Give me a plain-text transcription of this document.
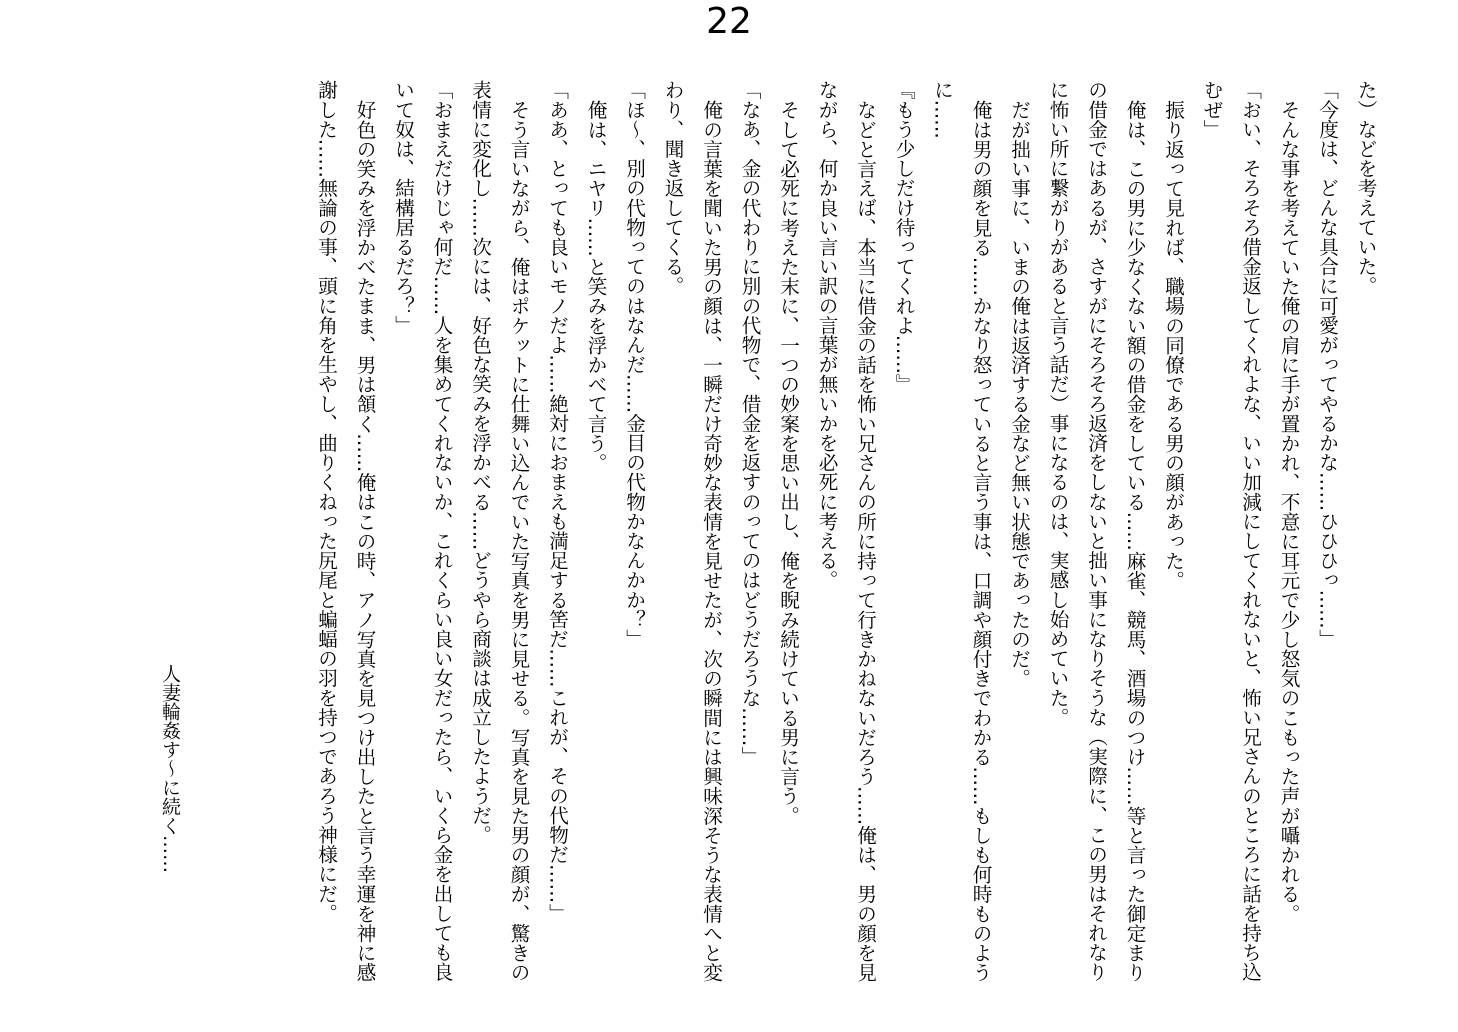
22
た）などを考えていた。
「今度は、どんな具合に可愛がってやるかな……ひひひっ……」
そんな事を考えていた俺の肩に手が置かれ、不意に耳元で少し怒気のこもった声が囁かれる。
「おい、そろそろ借金返してくれよな、いい加減にしてくれないと、怖い兄さんのところに話を持ち込
むぜ」
振り返って見れば、職場の同僚である男の顔があった。
俺は、この男に少なくない額の借金をしている……麻雀、競馬、酒場のつけ……等と言った御定まり
の借金ではあるが、さすがにそろそろ返済をしないと拙い事になりそうな（実際に、この男はそれなり
に怖い所に繋がりがあると言う話だ）事になるのは、実感し始めていた。
だが拙い事に、いまの俺は返済する金など無い状態であったのだ。
俺は男の顔を見る……かなり怒っていると言う事は、口調や顔付きでわかる……もしも何時ものよう
に……
『もう少しだけ待ってくれよ……』
などと言えば、本当に借金の話を怖い兄さんの所に持って行きかねないだろう……俺は、男の顔を見
ながら、何か良い言い訳の言葉が無いかを必死に考える。
そして必死に考えた末に、一つの妙案を思い出し、俺を睨み続けている男に言う。
「なあ、金の代わりに別の代物で、借金を返すのってのはどうだろうな……」
俺の言葉を聞いた男の顔は、一瞬だけ奇妙な表情を見せたが、次の瞬間には興味深そうな表情へと変
わり、聞き返してくる。
「ほ～、別の代物ってのはなんだ……金目の代物かなんかか？」
俺は、ニヤリ……と笑みを浮かべて言う。
「ああ、とっても良いモノだよ……絶対におまえも満足する筈だ……これが、その代物だ……」
そう言いながら、俺はポケットに仕舞い込んでいた写真を男に見せる。写真を見た男の顔が、驚きの
表情に変化し……次には、好色な笑みを浮かべる……どうやら商談は成立したようだ。
「おまえだけじゃ何だ……人を集めてくれないか、これくらい良い女だったら、いくら金を出しても良
いて奴は、結構居るだろ？」
好色の笑みを浮かべたまま、男は頷く……俺はこの時、アノ写真を見つけ出したと言う幸運を神に感
謝した……無論の事、頭に角を生やし、曲りくねった尻尾と蝙蝠の羽を持つであろう神様にだ。
人妻輪姦す～に続く……
